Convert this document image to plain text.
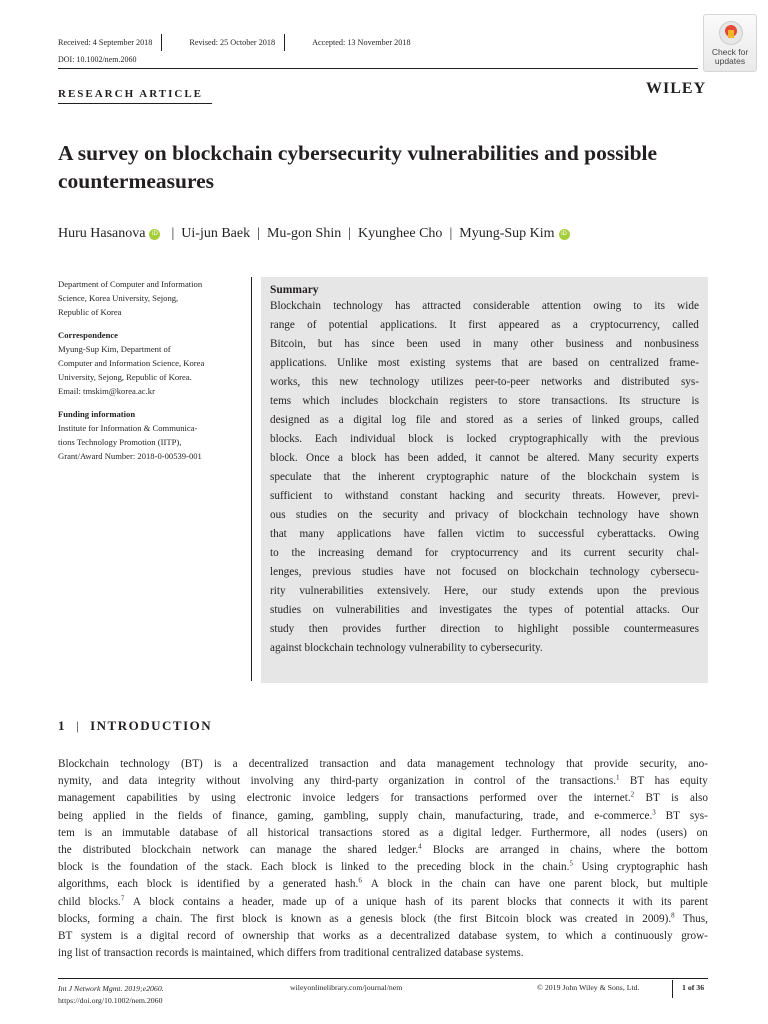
Received: 4 September 2018	Revised: 25 October 2018	Accepted: 13 November 2018
DOI: 10.1002/nem.2060
Check for
updates
RESEARCH ARTICLE	WILEY
A survey on blockchain cybersecurity vulnerabilities and possible countermeasures
Huru Hasanova	iD | Ui-jun Baek | Mu-gon Shin | Kyunghee Cho | Myung-Sup Kim	iD
Department of Computer and Information
Science, Korea University, Sejong,
Republic of Korea
Correspondence
Myung-Sup Kim, Department of
Computer and Information Science, Korea
University, Sejong, Republic of Korea.
Email: tmskim@korea.ac.kr
Funding information
Institute for Information & Communica-
tions Technology Promotion (IITP),
Grant/Award Number: 2018-0-00539-001
Summary
Blockchain technology has attracted considerable attention owing to its wide
range of potential applications. It first appeared as a cryptocurrency, called
Bitcoin, but has since been used in many other business and nonbusiness
applications. Unlike most existing systems that are based on centralized frame-
works, this new technology utilizes peer-to-peer networks and distributed sys-
tems which includes blockchain registers to store transactions. Its structure is
designed as a digital log file and stored as a series of linked groups, called
blocks. Each individual block is locked cryptographically with the previous
block. Once a block has been added, it cannot be altered. Many security experts
speculate that the inherent cryptographic nature of the blockchain system is
sufficient to withstand constant hacking and security threats. However, previ-
ous studies on the security and privacy of blockchain technology have shown
that many applications have fallen victim to successful cyberattacks. Owing
to the increasing demand for cryptocurrency and its current security chal-
lenges, previous studies have not focused on blockchain technology cybersecu-
rity vulnerabilities extensively. Here, our study extends upon the previous
studies on vulnerabilities and investigates the types of potential attacks. Our
study then provides further direction to highlight possible countermeasures
against blockchain technology vulnerability to cybersecurity.
1 | INTRODUCTION
Blockchain technology (BT) is a decentralized transaction and data management technology that provide security, ano-
nymity, and data integrity without involving any third-party organization in control of the transactions.$^1$ BT has equity
management capabilities by using electronic invoice ledgers for transactions performed over the internet.$^2$ BT is also
being applied in the fields of finance, gaming, gambling, supply chain, manufacturing, trade, and e-commerce.$^3$ BT sys-
tem is an immutable database of all historical transactions stored as a digital ledger. Furthermore, all nodes (users) on
the distributed blockchain network can manage the shared ledger.$^4$ Blocks are arranged in chains, where the bottom
block is the foundation of the stack. Each block is linked to the preceding block in the chain.$^5$ Using cryptographic hash
algorithms, each block is identified by a generated hash.$^6$ A block in the chain can have one parent block, but multiple
child blocks.$^7$ A block contains a header, made up of a unique hash of its parent blocks that connects it with its parent
blocks, forming a chain. The first block is known as a genesis block (the first Bitcoin block was created in 2009).$^8$ Thus,
BT system is a digital record of ownership that works as a decentralized database system, to which a continuously grow-
ing list of transaction records is maintained, which differs from traditional centralized database systems.
Int J Network Mgmt. 2019;e2060.
https://doi.org/10.1002/nem.2060
wileyonlinelibrary.com/journal/nem	© 2019 John Wiley & Sons, Ltd.	1 of 36
